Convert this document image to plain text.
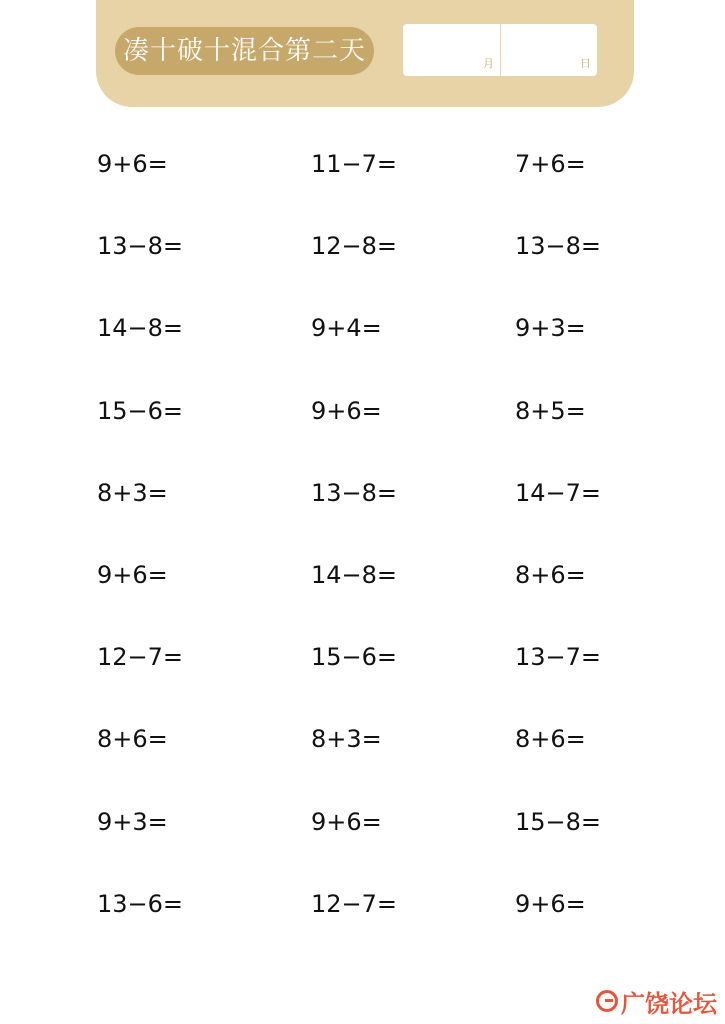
凑十破十混合第二天	月	日
9+6=	11−7=	7+6=
13−8=	12−8=	13−8=
14−8=	9+4=	9+3=
15−6=	9+6=	8+5=
8+3=	13−8=	14−7=
9+6=	14−8=	8+6=
12−7=	15−6=	13−7=
8+6=	8+3=	8+6=
9+3=	9+6=	15−8=
13−6=	12−7=	9+6=
广饶论坛
